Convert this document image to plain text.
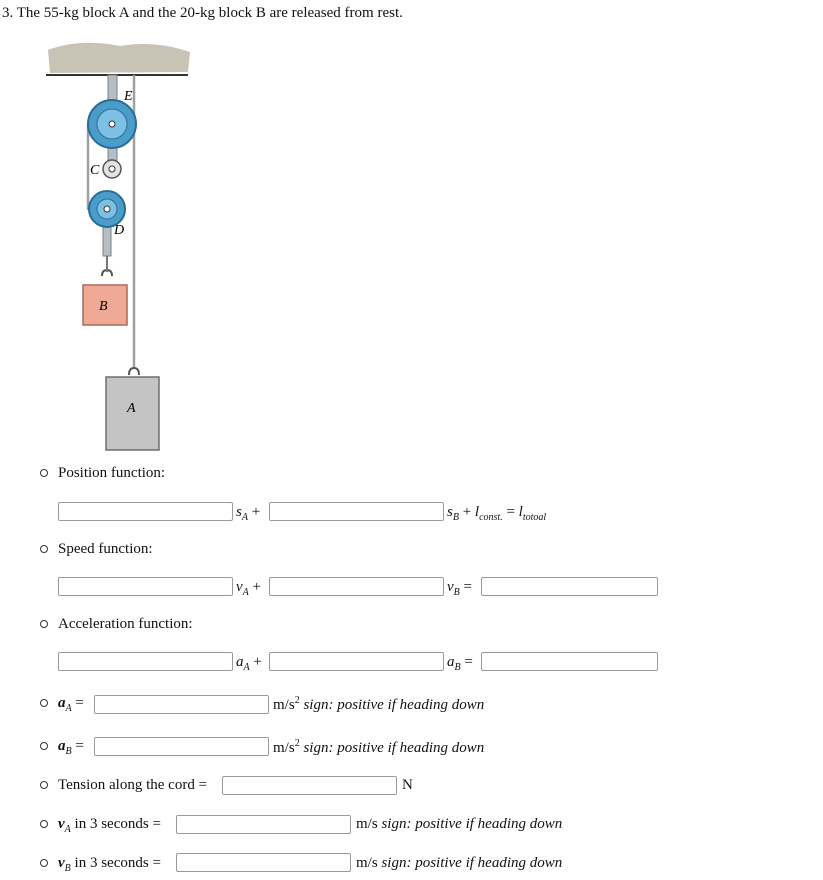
3. The 55-kg block A and the 20-kg block B are released from rest.
E
C
D
B
A
Position function:
$s_A$ +	$s_B + l_{const.} = l_{totoal}$
Speed function:
$v_A$ +	$v_B$ =
Acceleration function:
$a_A$ +	$a_B$ =
$a_A$ =	$m/s^2$ sign: positive if heading down
$a_B$ =	$m/s^2$ sign: positive if heading down
Tension along the cord =	N
$v_A$ in 3 seconds =	m/s sign: positive if heading down
$v_B$ in 3 seconds =	m/s sign: positive if heading down
